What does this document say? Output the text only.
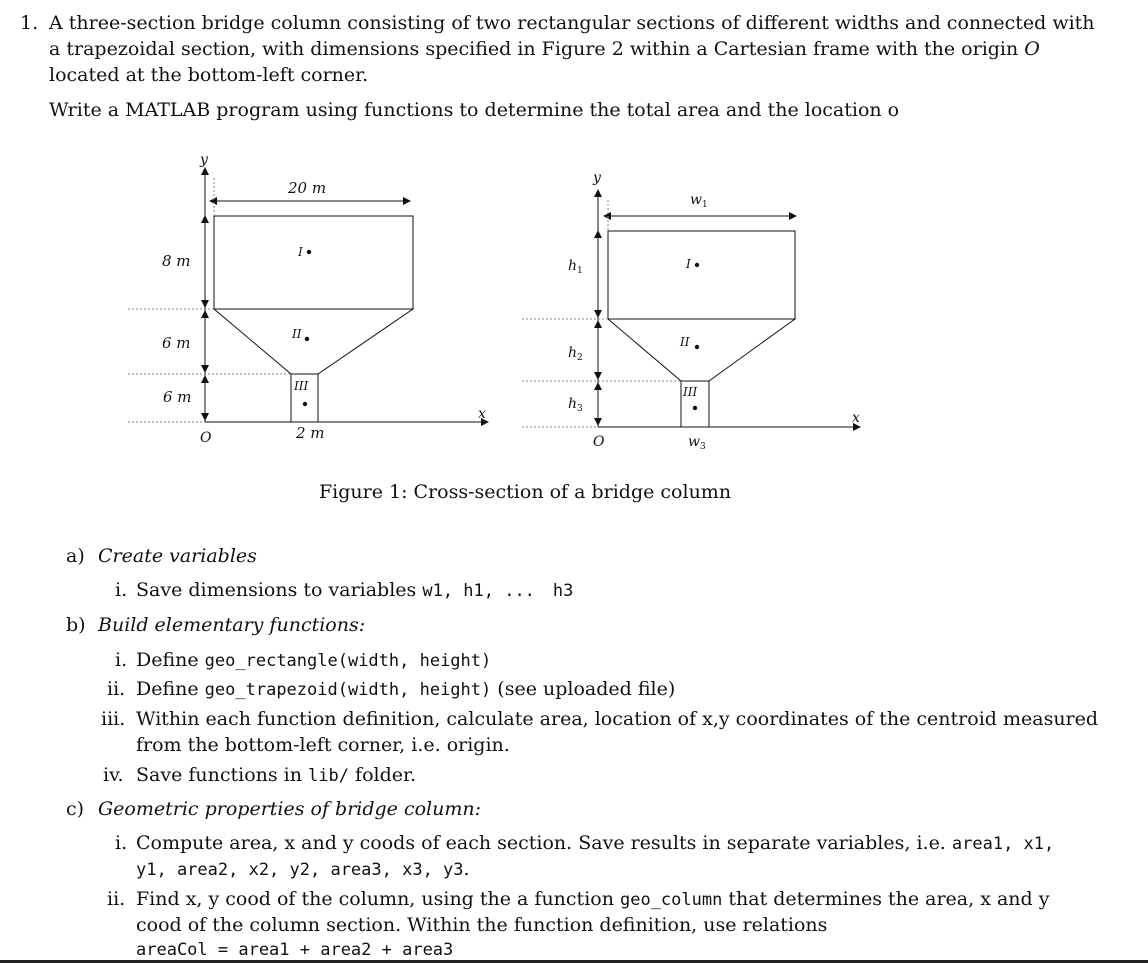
1. A three-section bridge column consisting of two rectangular sections of different widths and connected with

a trapezoidal section, with dimensions specified in Figure 2 within a Cartesian frame with the origin O

located at the bottom-left corner.

Write a MATLAB program using functions to determine the total area and the location o

y
x
O
20 m
8 m
6 m
6 m
2 m
I
II
III
y
x
O
$w_1$
$w_3$
$h_1$
$h_2$
$h_3$
I
II
III

Figure 1: Cross-section of a bridge column

a) Create variables

i. Save dimensions to variables w1, h1, ... h3

b) Build elementary functions:

i. Define geo_rectangle(width, height)

ii. Define geo_trapezoid(width, height) (see uploaded file)

iii. Within each function definition, calculate area, location of x,y coordinates of the centroid measured

from the bottom-left corner, i.e. origin.

iv. Save functions in lib/ folder.

c) Geometric properties of bridge column:

i. Compute area, x and y coods of each section. Save results in separate variables, i.e. area1, x1,

y1, area2, x2, y2, area3, x3, y3.

ii. Find x, y cood of the column, using the a function geo_column that determines the area, x and y

cood of the column section. Within the function definition, use relations

areaCol = area1 + area2 + area3
